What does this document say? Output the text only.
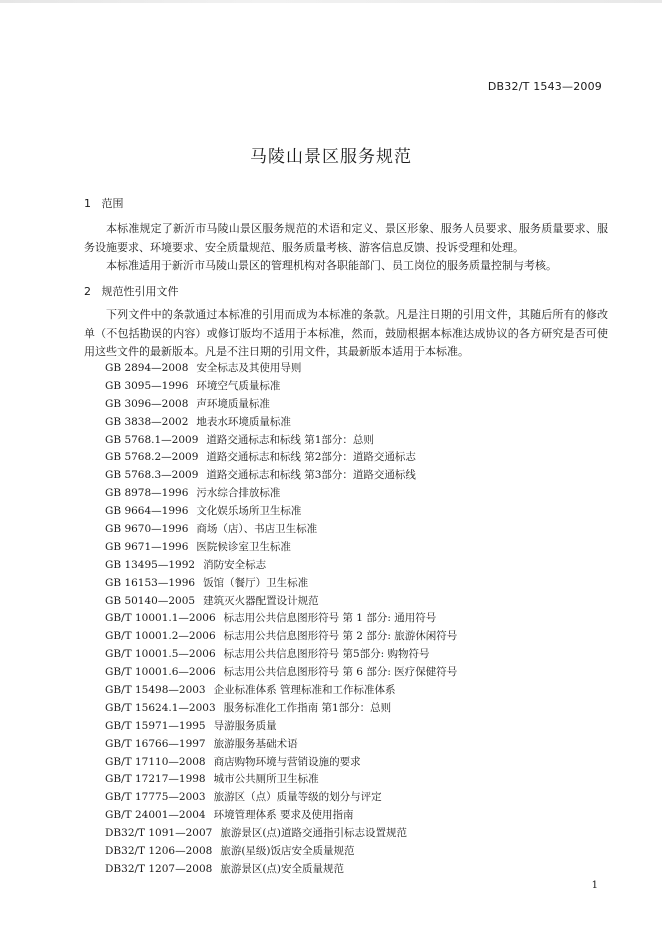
DB32/T 1543—2009
马陵山景区服务规范
1 范围
本标准规定了新沂市马陵山景区服务规范的术语和定义、景区形象、服务人员要求、服务质量要求、服务设施要求、环境要求、安全质量规范、服务质量考核、游客信息反馈、投诉受理和处理。
本标准适用于新沂市马陵山景区的管理机构对各职能部门、员工岗位的服务质量控制与考核。
2 规范性引用文件
下列文件中的条款通过本标准的引用而成为本标准的条款。凡是注日期的引用文件，其随后所有的修改单（不包括勘误的内容）或修订版均不适用于本标准，然而，鼓励根据本标准达成协议的各方研究是否可使用这些文件的最新版本。凡是不注日期的引用文件，其最新版本适用于本标准。
GB 2894—2008 安全标志及其使用导则
GB 3095—1996 环境空气质量标准
GB 3096—2008 声环境质量标准
GB 3838—2002 地表水环境质量标准
GB 5768.1—2009 道路交通标志和标线 第1部分：总则
GB 5768.2—2009 道路交通标志和标线 第2部分：道路交通标志
GB 5768.3—2009 道路交通标志和标线 第3部分：道路交通标线
GB 8978—1996 污水综合排放标准
GB 9664—1996 文化娱乐场所卫生标准
GB 9670—1996 商场（店）、书店卫生标准
GB 9671—1996 医院候诊室卫生标准
GB 13495—1992 消防安全标志
GB 16153—1996 饭馆（餐厅）卫生标准
GB 50140—2005 建筑灭火器配置设计规范
GB/T 10001.1—2006 标志用公共信息图形符号 第 1 部分: 通用符号
GB/T 10001.2—2006 标志用公共信息图形符号 第 2 部分: 旅游休闲符号
GB/T 10001.5—2006 标志用公共信息图形符号 第5部分: 购物符号
GB/T 10001.6—2006 标志用公共信息图形符号 第 6 部分: 医疗保健符号
GB/T 15498—2003 企业标准体系 管理标准和工作标准体系
GB/T 15624.1—2003 服务标准化工作指南 第1部分：总则
GB/T 15971—1995 导游服务质量
GB/T 16766—1997 旅游服务基础术语
GB/T 17110—2008 商店购物环境与营销设施的要求
GB/T 17217—1998 城市公共厕所卫生标准
GB/T 17775—2003 旅游区（点）质量等级的划分与评定
GB/T 24001—2004 环境管理体系 要求及使用指南
DB32/T 1091—2007 旅游景区(点)道路交通指引标志设置规范
DB32/T 1206—2008 旅游(星级)饭店安全质量规范
DB32/T 1207—2008 旅游景区(点)安全质量规范
1
